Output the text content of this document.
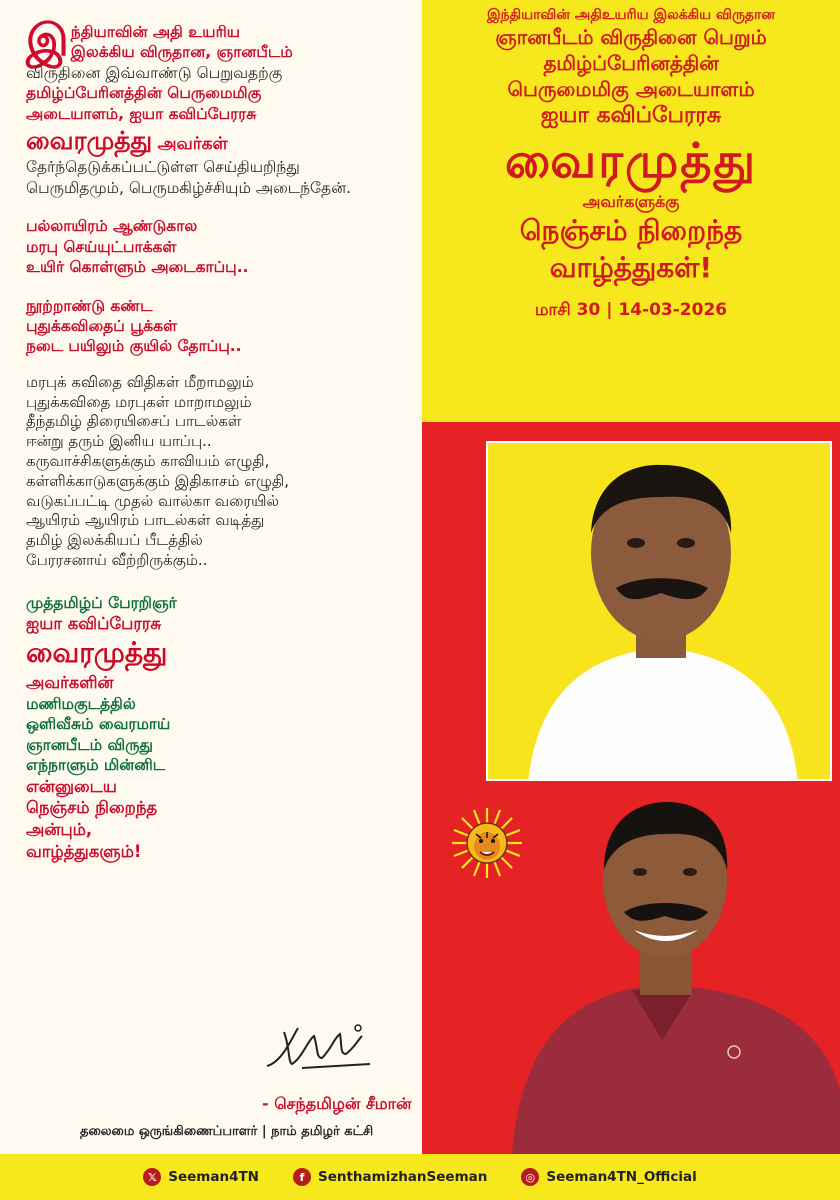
இ ந்தியாவின் அதி உயரிய
இலக்கிய விருதான, ஞானபீடம்
விருதினை இவ்வாண்டு பெறுவதற்கு
தமிழ்ப்பேரினத்தின் பெருமைமிகு
அடையாளம், ஐயா கவிப்பேரரசு
வைரமுத்து அவர்கள்
தேர்ந்தெடுக்கப்பட்டுள்ள செய்தியறிந்து
பெருமிதமும், பெருமகிழ்ச்சியும் அடைந்தேன்.
பல்லாயிரம் ஆண்டுகால
மரபு செய்யுட்பாக்கள்
உயிர் கொள்ளும் அடைகாப்பு..
நூற்றாண்டு கண்ட
புதுக்கவிதைப் பூக்கள்
நடை பயிலும் குயில் தோப்பு..
மரபுக் கவிதை விதிகள் மீறாமலும்
புதுக்கவிதை மரபுகள் மாறாமலும்
தீந்தமிழ் திரையிசைப் பாடல்கள்
ஈன்று தரும் இனிய யாப்பு..
கருவாச்சிகளுக்கும் காவியம் எழுதி,
கள்ளிக்காடுகளுக்கும் இதிகாசம் எழுதி,
வடுகப்பட்டி முதல் வால்கா வரையில்
ஆயிரம் ஆயிரம் பாடல்கள் வடித்து
தமிழ் இலக்கியப் பீடத்தில்
பேரரசனாய் வீற்றிருக்கும்..
முத்தமிழ்ப் பேரறிஞர்
ஐயா கவிப்பேரரசு
வைரமுத்து
அவர்களின்
மணிமகுடத்தில்
ஒளிவீசும் வைரமாய்
ஞானபீடம் விருது
எந்நாளும் மின்னிட
என்னுடைய
நெஞ்சம் நிறைந்த
அன்பும்,
வாழ்த்துகளும்!
- செந்தமிழன் சீமான்
தலைமை ஒருங்கிணைப்பாளர் | நாம் தமிழர் கட்சி
இந்தியாவின் அதிஉயரிய இலக்கிய விருதான
ஞானபீடம் விருதினை பெறும்
தமிழ்ப்பேரினத்தின்
பெருமைமிகு அடையாளம்
ஐயா கவிப்பேரரசு
வைரமுத்து
அவர்களுக்கு
நெஞ்சம் நிறைந்த
வாழ்த்துகள்!
மாசி 30 | 14-03-2026
𝕏 Seeman4TN	f	SenthamizhanSeeman	◎ Seeman4TN_Official
